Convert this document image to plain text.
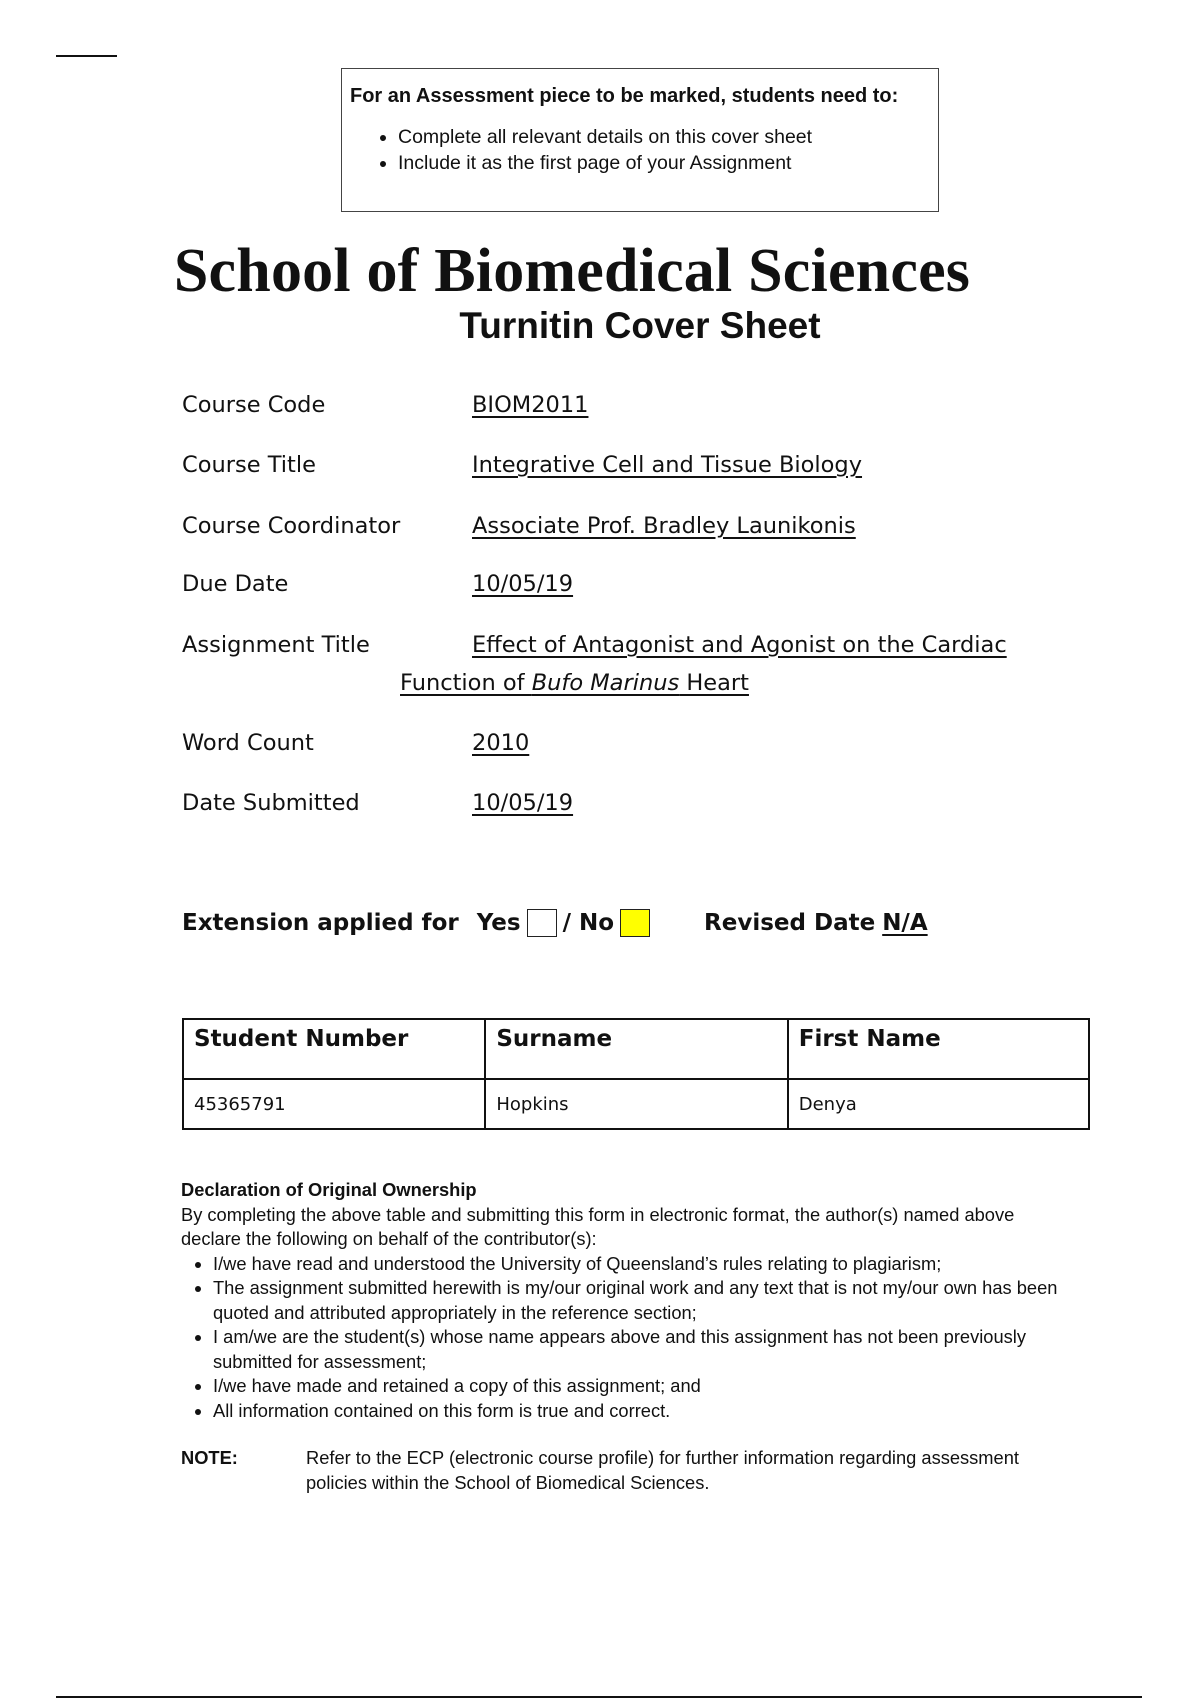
For an Assessment piece to be marked, students need to:
• Complete all relevant details on this cover sheet
• Include it as the first page of your Assignment
School of Biomedical Sciences
Turnitin Cover Sheet
Course Code	BIOM2011
Course Title	Integrative Cell and Tissue Biology
Course Coordinator	Associate Prof. Bradley Launikonis
Due Date	10/05/19
Assignment Title	Effect of Antagonist and Agonist on the Cardiac
Function of Bufo Marinus Heart
Word Count	2010
Date Submitted	10/05/19
Extension applied for Yes / No	Revised Date N/A
Student Number	Surname	First Name
45365791	Hopkins	Denya
Declaration of Original Ownership
By completing the above table and submitting this form in electronic format, the author(s) named above declare the following on behalf of the contributor(s):
• I/we have read and understood the University of Queensland’s rules relating to plagiarism;
• The assignment submitted herewith is my/our original work and any text that is not my/our own has been quoted and attributed appropriately in the reference section;
• I am/we are the student(s) whose name appears above and this assignment has not been previously submitted for assessment;
• I/we have made and retained a copy of this assignment; and
• All information contained on this form is true and correct.
NOTE:	Refer to the ECP (electronic course profile) for further information regarding assessment policies within the School of Biomedical Sciences.
